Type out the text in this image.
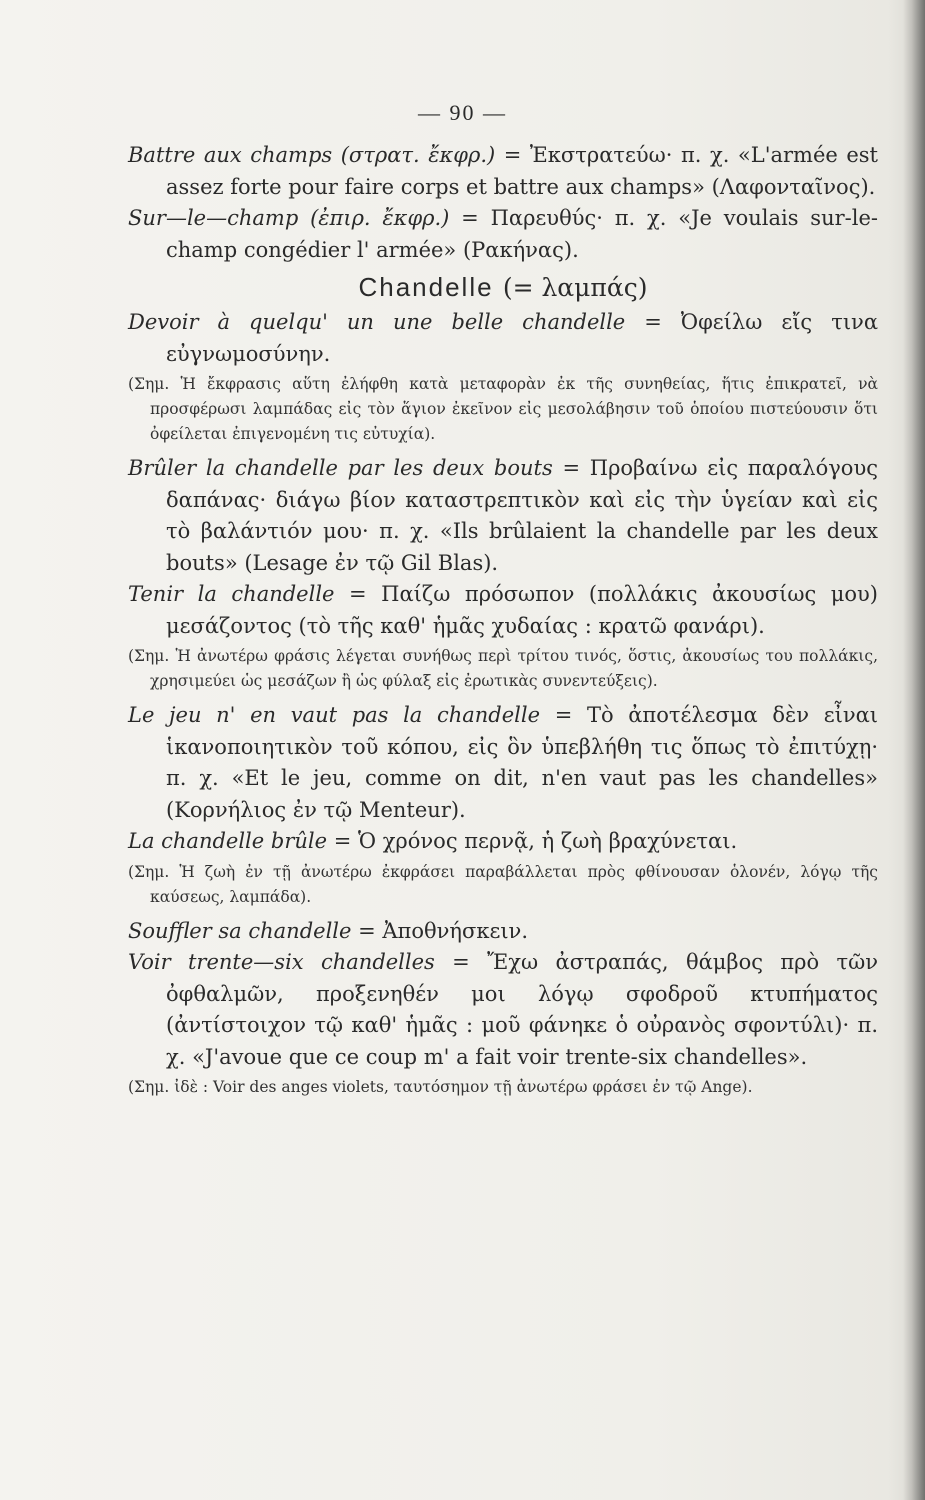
— 90 —

Battre aux champs (στρατ. ἔκφρ.) = Ἐκστρατεύω· π. χ. «L'armée est assez forte pour faire corps et battre aux champs» (Λαφονταῖνος).

Sur—le—champ (ἐπιρ. ἔκφρ.) = Παρευθύς· π. χ. «Je voulais sur-le-champ congédier l' armée» (Ρακήνας).

Chandelle (= λαμπάς)

Devoir à quelqu' un une belle chandelle = Ὀφείλω εἴς τινα εὐγνωμοσύνην.

(Σημ. Ἡ ἔκφρασις αὕτη ἐλήφθη κατὰ μεταφορὰν ἐκ τῆς συνηθείας, ἥτις ἐπικρατεῖ, νὰ προσφέρωσι λαμπάδας εἰς τὸν ἅγιον ἐκεῖνον εἰς μεσολάβησιν τοῦ ὁποίου πιστεύουσιν ὅτι ὀφείλεται ἐπιγενομένη τις εὐτυχία).

Brûler la chandelle par les deux bouts = Προβαίνω εἰς παραλόγους δαπάνας· διάγω βίον καταστρεπτικὸν καὶ εἰς τὴν ὑγείαν καὶ εἰς τὸ βαλάντιόν μου· π. χ. «Ils brûlaient la chandelle par les deux bouts» (Lesage ἐν τῷ Gil Blas).

Tenir la chandelle = Παίζω πρόσωπον (πολλάκις ἀκουσίως μου) μεσάζοντος (τὸ τῆς καθ' ἡμᾶς χυδαίας : κρατῶ φανάρι).

(Σημ. Ἡ ἀνωτέρω φράσις λέγεται συνήθως περὶ τρίτου τινός, ὅστις, ἀκουσίως του πολλάκις, χρησιμεύει ὡς μεσάζων ἢ ὡς φύλαξ εἰς ἐρωτικὰς συνεντεύξεις).

Le jeu n' en vaut pas la chandelle = Τὸ ἀποτέλεσμα δὲν εἶναι ἱκανοποιητικὸν τοῦ κόπου, εἰς ὃν ὑπεβλήθη τις ὅπως τὸ ἐπιτύχῃ· π. χ. «Et le jeu, comme on dit, n'en vaut pas les chandelles» (Κορνήλιος ἐν τῷ Menteur).

La chandelle brûle = Ὁ χρόνος περνᾷ, ἡ ζωὴ βραχύνεται.

(Σημ. Ἡ ζωὴ ἐν τῇ ἀνωτέρω ἐκφράσει παραβάλλεται πρὸς φθίνουσαν ὁλονέν, λόγῳ τῆς καύσεως, λαμπάδα).

Souffler sa chandelle = Ἀποθνήσκειν.

Voir trente—six chandelles = Ἔχω ἀστραπάς, θάμβος πρὸ τῶν ὀφθαλμῶν, προξενηθέν μοι λόγῳ σφοδροῦ κτυπήματος (ἀντίστοιχον τῷ καθ' ἡμᾶς : μοῦ φάνηκε ὁ οὐρανὸς σφοντύλι)· π. χ. «J'avoue que ce coup m' a fait voir trente-six chandelles».

(Σημ. ἰδὲ : Voir des anges violets, ταυτόσημον τῇ ἀνωτέρω φράσει ἐν τῷ Ange).
